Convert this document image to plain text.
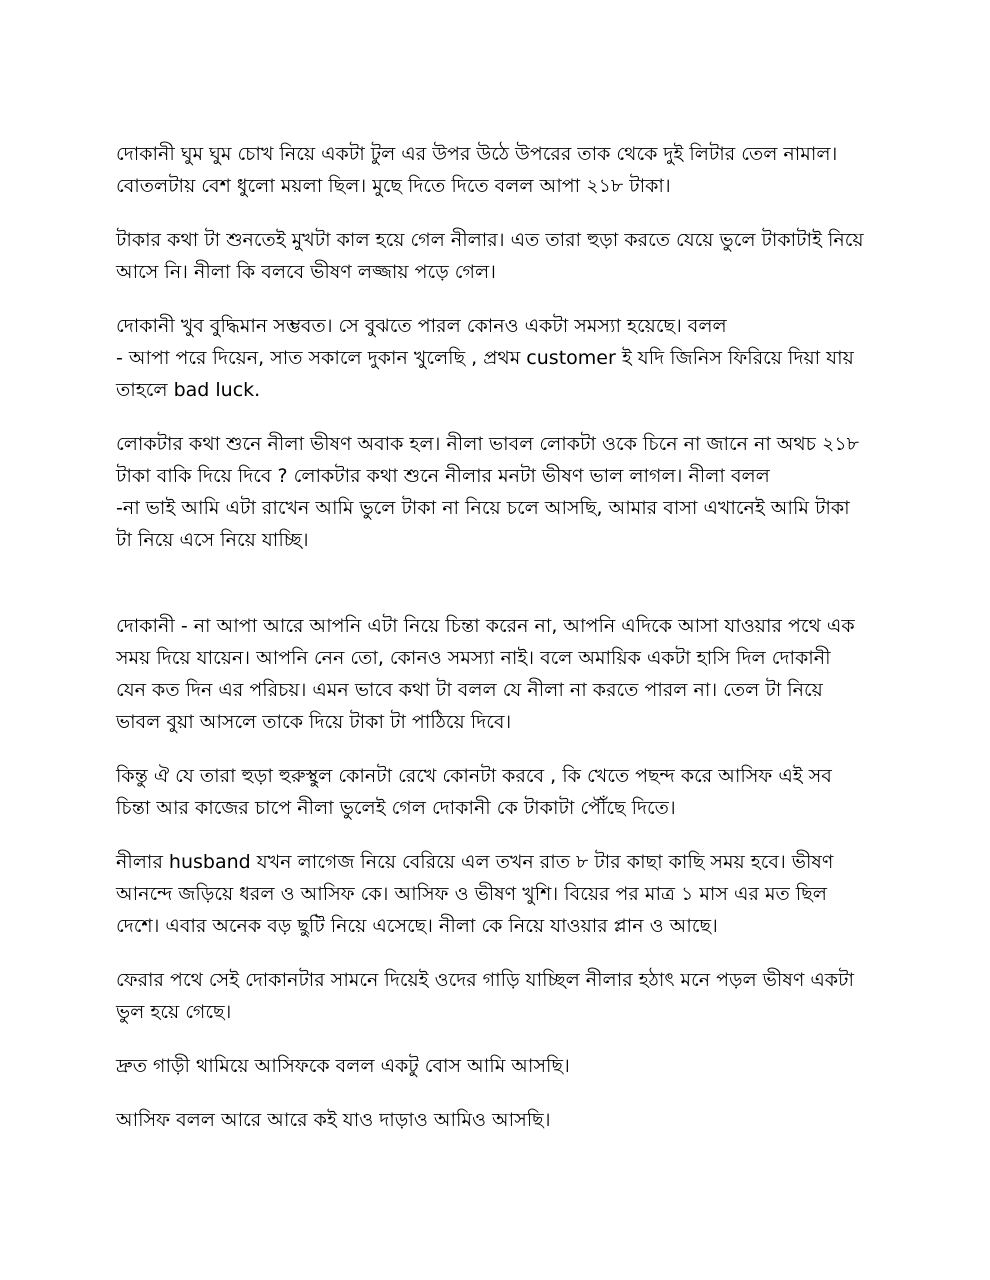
দোকানী ঘুম ঘুম চোখ নিয়ে একটা টুল এর উপর উঠে উপরের তাক থেকে দুই লিটার তেল নামাল।
বোতলটায় বেশ ধুলো ময়লা ছিল। মুছে দিতে দিতে বলল আপা ২১৮ টাকা।

টাকার কথা টা শুনতেই মুখটা কাল হয়ে গেল নীলার। এত তারা হুড়া করতে যেয়ে ভুলে টাকাটাই নিয়ে
আসে নি। নীলা কি বলবে ভীষণ লজ্জায় পড়ে গেল।

দোকানী খুব বুদ্ধিমান সম্ভবত। সে বুঝতে পারল কোনও একটা সমস্যা হয়েছে। বলল
- আপা পরে দিয়েন, সাত সকালে দুকান খুলেছি , প্রথম customer ই যদি জিনিস ফিরিয়ে দিয়া যায়
তাহলে bad luck.

লোকটার কথা শুনে নীলা ভীষণ অবাক হল। নীলা ভাবল লোকটা ওকে চিনে না জানে না অথচ ২১৮
টাকা বাকি দিয়ে দিবে ? লোকটার কথা শুনে নীলার মনটা ভীষণ ভাল লাগল। নীলা বলল
-না ভাই আমি এটা রাখেন আমি ভুলে টাকা না নিয়ে চলে আসছি, আমার বাসা এখানেই আমি টাকা
টা নিয়ে এসে নিয়ে যাচ্ছি।

দোকানী - না আপা আরে আপনি এটা নিয়ে চিন্তা করেন না, আপনি এদিকে আসা যাওয়ার পথে এক
সময় দিয়ে যায়েন। আপনি নেন তো, কোনও সমস্যা নাই। বলে অমায়িক একটা হাসি দিল দোকানী
যেন কত দিন এর পরিচয়। এমন ভাবে কথা টা বলল যে নীলা না করতে পারল না। তেল টা নিয়ে
ভাবল বুয়া আসলে তাকে দিয়ে টাকা টা পাঠিয়ে দিবে।

কিন্তু ঐ যে তারা হুড়া হুরুস্থুল কোনটা রেখে কোনটা করবে , কি খেতে পছন্দ করে আসিফ এই সব
চিন্তা আর কাজের চাপে নীলা ভুলেই গেল দোকানী কে টাকাটা পৌঁছে দিতে।

নীলার husband যখন লাগেজ নিয়ে বেরিয়ে এল তখন রাত ৮ টার কাছা কাছি সময় হবে। ভীষণ
আনন্দে জড়িয়ে ধরল ও আসিফ কে। আসিফ ও ভীষণ খুশি। বিয়ের পর মাত্র ১ মাস এর মত ছিল
দেশে। এবার অনেক বড় ছুটি নিয়ে এসেছে। নীলা কে নিয়ে যাওয়ার প্লান ও আছে।

ফেরার পথে সেই দোকানটার সামনে দিয়েই ওদের গাড়ি যাচ্ছিল নীলার হঠাৎ মনে পড়ল ভীষণ একটা
ভুল হয়ে গেছে।

দ্রুত গাড়ী থামিয়ে আসিফকে বলল একটু বোস আমি আসছি।

আসিফ বলল আরে আরে কই যাও দাড়াও আমিও আসছি।
